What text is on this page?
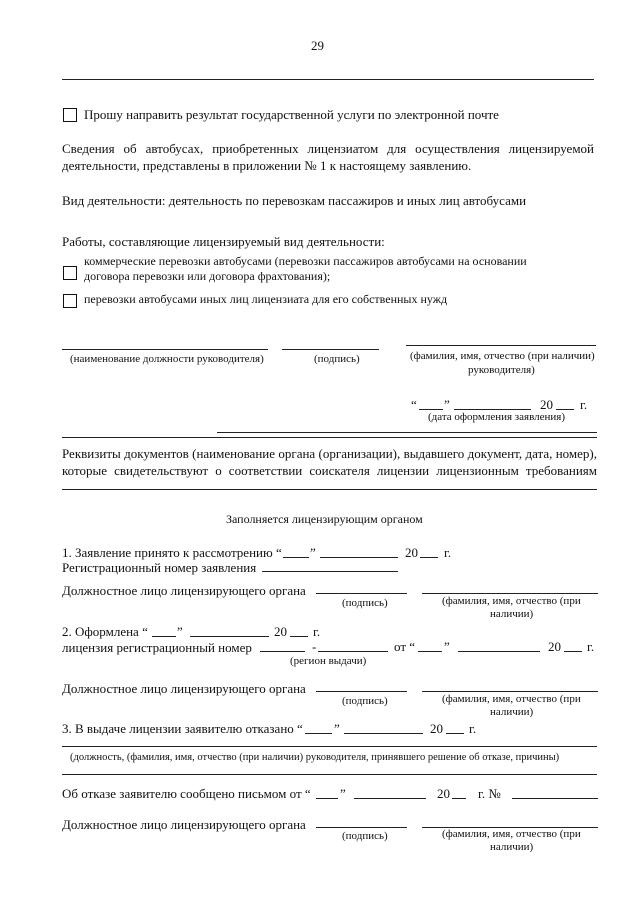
29
Прошу направить результат государственной услуги по электронной почте
Сведения об автобусах, приобретенных лицензиатом для осуществления лицензируемой
деятельности, представлены в приложении № 1 к настоящему заявлению.
Вид деятельности: деятельность по перевозкам пассажиров и иных лиц автобусами
Работы, составляющие лицензируемый вид деятельности:
коммерческие перевозки автобусами (перевозки пассажиров автобусами на основании
договора перевозки или договора фрахтования);
перевозки автобусами иных лиц лицензиата для его собственных нужд
(наименование должности руководителя)	(подпись)	(фамилия, имя, отчество (при наличии)
руководителя)
“ ”	20 г.
(дата оформления заявления)
Реквизиты документов (наименование органа (организации), выдавшего документ, дата, номер),
которые свидетельствуют о соответствии соискателя лицензии лицензионным требованиям
Заполняется лицензирующим органом
1. Заявление принято к рассмотрению “ ”	20 г.
Регистрационный номер заявления
Должностное лицо лицензирующего органа
(подпись)	(фамилия, имя, отчество (при
наличии)
2. Оформлена “ ”	20 г.
лицензия регистрационный номер	-	от “ ”	20 г.
(регион выдачи)
Должностное лицо лицензирующего органа
(подпись)	(фамилия, имя, отчество (при
наличии)
3. В выдаче лицензии заявителю отказано “ ”	20 г.
(должность, (фамилия, имя, отчество (при наличии) руководителя, принявшего решение об отказе, причины)
Об отказе заявителю сообщено письмом от “ ”	20 г. №
Должностное лицо лицензирующего органа
(подпись)	(фамилия, имя, отчество (при
наличии)
